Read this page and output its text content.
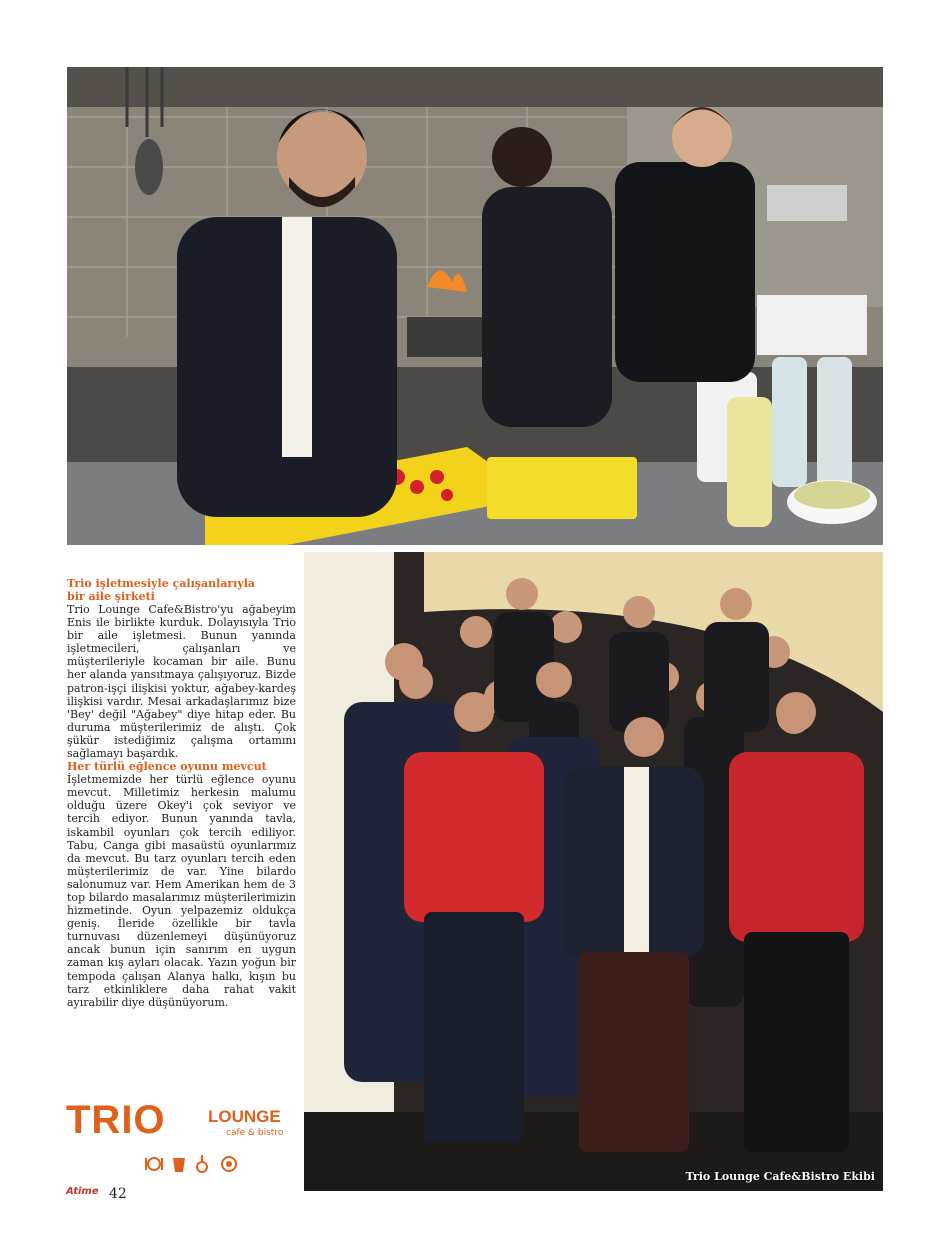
Trio işletmesiyle çalışanlarıyla
bir aile şirketi
Trio Lounge Cafe&Bistro'yu ağabeyim Enis ile birlikte kurduk. Dolayısıyla Trio bir aile işletmesi. Bunun yanında işletmecileri, çalışanları ve müşterileriyle kocaman bir aile. Bunu her alanda yansıtmaya çalışıyoruz. Bizde patron-işçi ilişkisi yoktur, ağabey-kardeş ilişkisi vardır. Mesai arkadaşlarımız bize 'Bey' değil "Ağabey" diye hitap eder. Bu duruma müşterilerimiz de alıştı. Çok şükür istediğimiz çalışma ortamını sağlamayı başardık.
Her türlü eğlence oyunu mevcut
İşletmemizde her türlü eğlence oyunu mevcut. Milletimiz herkesin malumu olduğu üzere Okey'i çok seviyor ve tercih ediyor. Bunun yanında tavla, iskambil oyunları çok tercih ediliyor. Tabu, Canga gibi masaüstü oyunlarımız da mevcut. Bu tarz oyunları tercih eden müşterilerimiz de var. Yine bilardo salonumuz var. Hem Amerikan hem de 3 top bilardo masalarımız müşterilerimizin hizmetinde. Oyun yelpazemiz oldukça geniş. İleride özellikle bir tavla turnuvası düzenlemeyi düşünüyoruz ancak bunun için sanırım en uygun zaman kış ayları olacak. Yazın yoğun bir tempoda çalışan Alanya halkı, kışın bu tarz etkinliklere daha rahat vakit ayırabilir diye düşünüyorum.
Trio Lounge Cafe&Bistro Ekibi
TRIO LOUNGE
cafe & bistro
Atime 42
